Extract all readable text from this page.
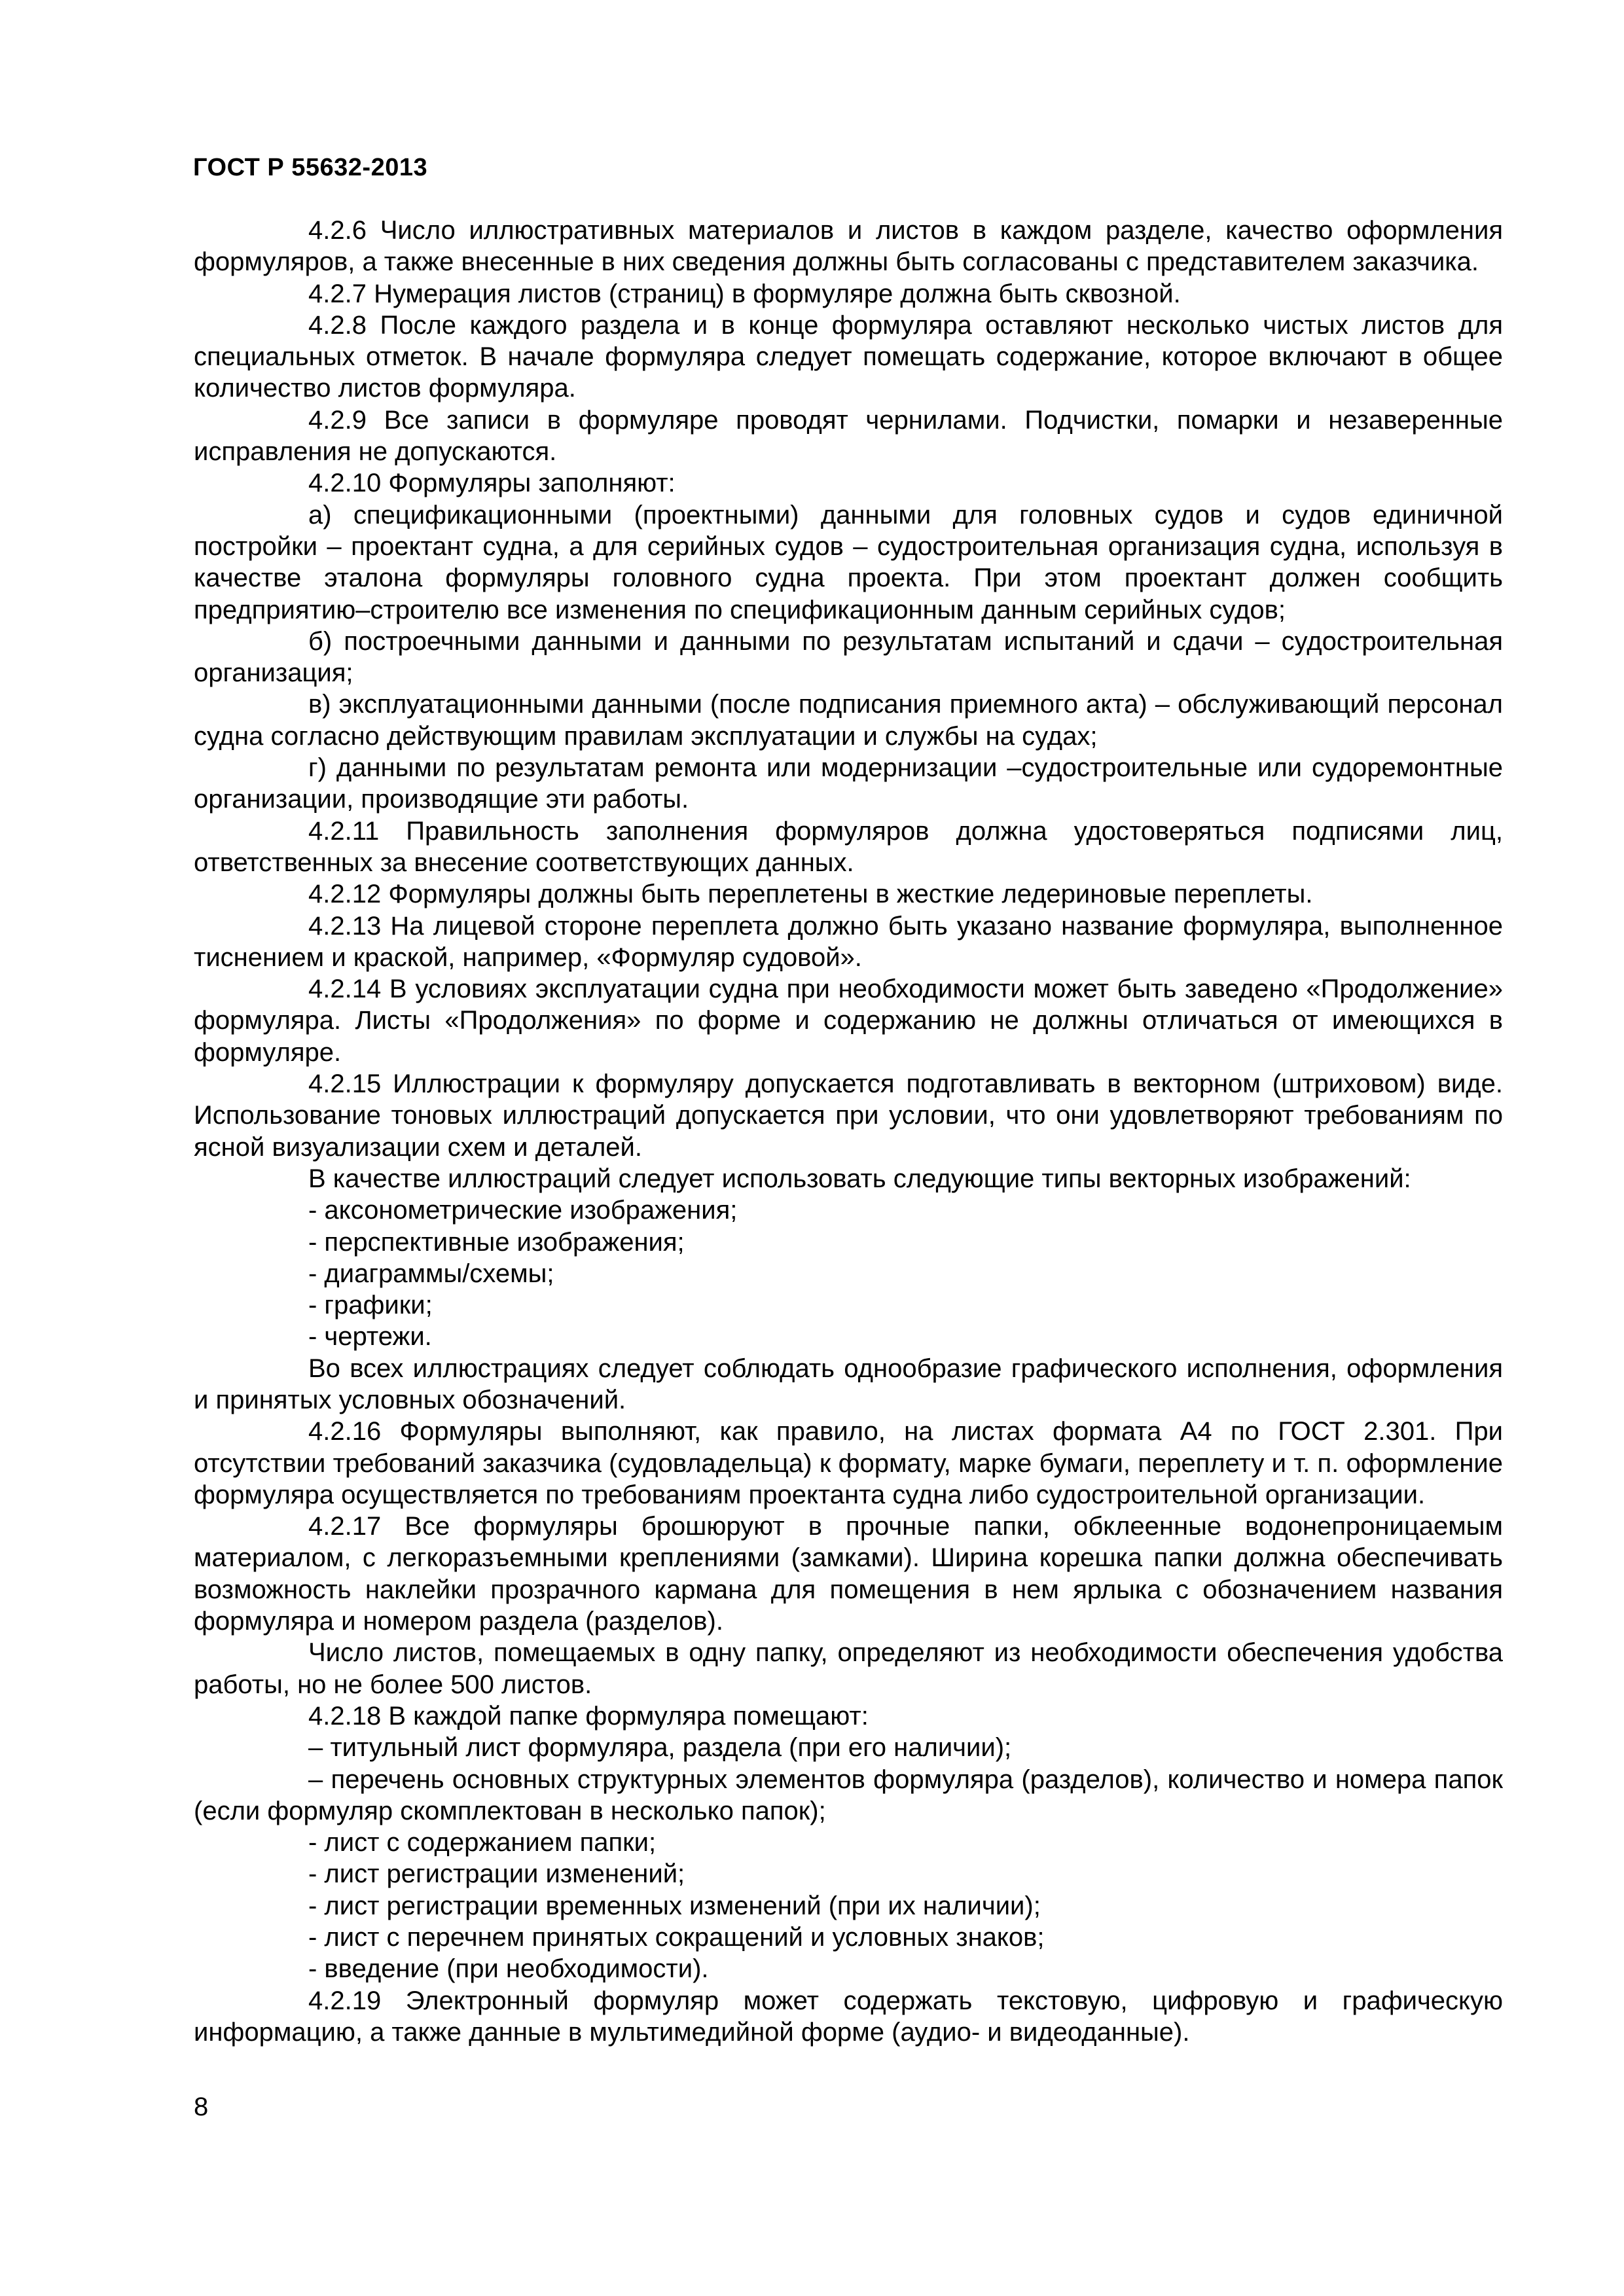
ГОСТ Р 55632-2013

4.2.6 Число иллюстративных материалов и листов в каждом разделе, качество оформления формуляров, а также внесенные в них сведения должны быть согласованы с представителем заказчика.

4.2.7 Нумерация листов (страниц) в формуляре должна быть сквозной.

4.2.8 После каждого раздела и в конце формуляра оставляют несколько чистых листов для специальных отметок. В начале формуляра следует помещать содержание, которое включают в общее количество листов формуляра.

4.2.9 Все записи в формуляре проводят чернилами. Подчистки, помарки и незаверенные исправления не допускаются.

4.2.10 Формуляры заполняют:

а) спецификационными (проектными) данными для головных судов и судов единичной постройки – проектант судна, а для серийных судов – судостроительная организация судна, используя в качестве эталона формуляры головного судна проекта. При этом проектант должен сообщить предприятию–строителю все изменения по спецификационным данным серийных судов;

б) построечными данными и данными по результатам испытаний и сдачи – судостроительная организация;

в) эксплуатационными данными (после подписания приемного акта) – обслуживающий персонал судна согласно действующим правилам эксплуатации и службы на судах;

г) данными по результатам ремонта или модернизации –судостроительные или судоремонтные организации, производящие эти работы.

4.2.11 Правильность заполнения формуляров должна удостоверяться подписями лиц, ответственных за внесение соответствующих данных.

4.2.12 Формуляры должны быть переплетены в жесткие ледериновые переплеты.

4.2.13 На лицевой стороне переплета должно быть указано название формуляра, выполненное тиснением и краской, например, «Формуляр судовой».

4.2.14 В условиях эксплуатации судна при необходимости может быть заведено «Продолжение» формуляра. Листы «Продолжения» по форме и содержанию не должны отличаться от имеющихся в формуляре.

4.2.15 Иллюстрации к формуляру допускается подготавливать в векторном (штриховом) виде. Использование тоновых иллюстраций допускается при условии, что они удовлетворяют требованиям по ясной визуализации схем и деталей.

В качестве иллюстраций следует использовать следующие типы векторных изображений:

- аксонометрические изображения;

- перспективные изображения;

- диаграммы/схемы;

- графики;

- чертежи.

Во всех иллюстрациях следует соблюдать однообразие графического исполнения, оформления и принятых условных обозначений.

4.2.16 Формуляры выполняют, как правило, на листах формата А4 по ГОСТ 2.301. При отсутствии требований заказчика (судовладельца) к формату, марке бумаги, переплету и т. п. оформление формуляра осуществляется по требованиям проектанта судна либо судостроительной организации.

4.2.17 Все формуляры брошюруют в прочные папки, обклеенные водонепроницаемым материалом, с легкоразъемными креплениями (замками). Ширина корешка папки должна обеспечивать возможность наклейки прозрачного кармана для помещения в нем ярлыка с обозначением названия формуляра и номером раздела (разделов).

Число листов, помещаемых в одну папку, определяют из необходимости обеспечения удобства работы, но не более 500 листов.

4.2.18 В каждой папке формуляра помещают:

– титульный лист формуляра, раздела (при его наличии);

– перечень основных структурных элементов формуляра (разделов), количество и номера папок (если формуляр скомплектован в несколько папок);

- лист с содержанием папки;

- лист регистрации изменений;

- лист регистрации временных изменений (при их наличии);

- лист с перечнем принятых сокращений и условных знаков;

- введение (при необходимости).

4.2.19 Электронный формуляр может содержать текстовую, цифровую и графическую информацию, а также данные в мультимедийной форме (аудио- и видеоданные).

8
